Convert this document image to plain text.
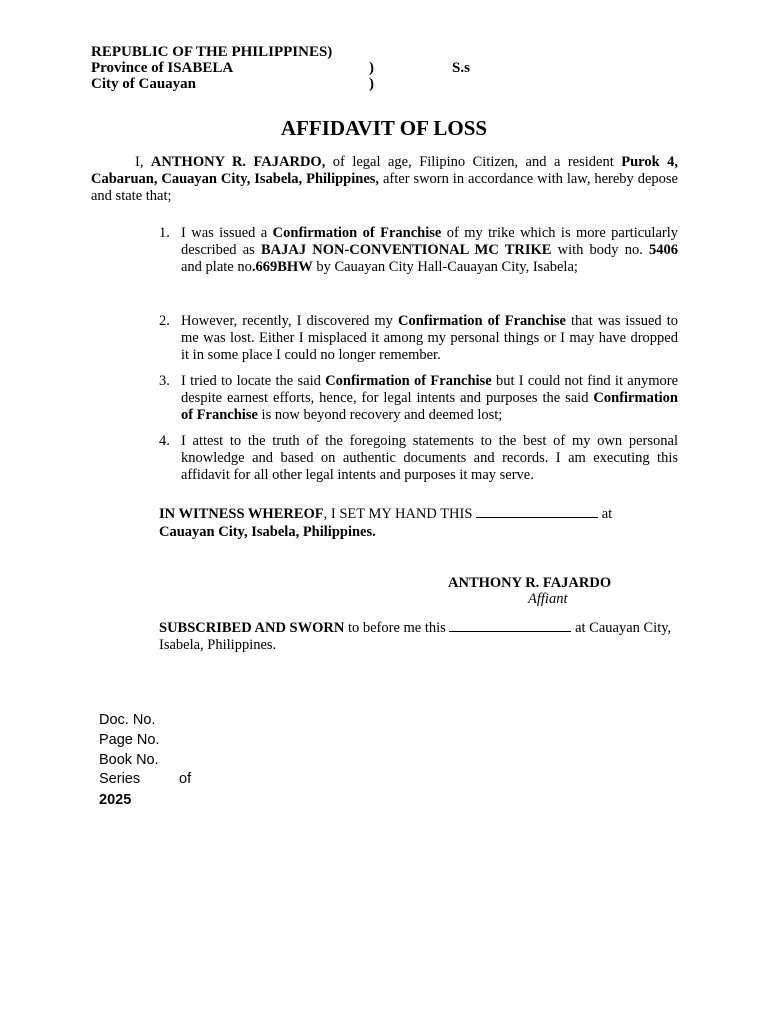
REPUBLIC OF THE PHILIPPINES)
Province of ISABELA	)	S.s
City of Cauayan	)
AFFIDAVIT OF LOSS
I, ANTHONY R. FAJARDO, of legal age, Filipino Citizen, and a resident Purok 4, Cabaruan, Cauayan City, Isabela, Philippines, after sworn in accordance with law, hereby depose and state that;
1. I was issued a Confirmation of Franchise of my trike which is more particularly described as BAJAJ NON-CONVENTIONAL MC TRIKE with body no. 5406 and plate no.669BHW by Cauayan City Hall-Cauayan City, Isabela;
2. However, recently, I discovered my Confirmation of Franchise that was issued to me was lost. Either I misplaced it among my personal things or I may have dropped it in some place I could no longer remember.
3. I tried to locate the said Confirmation of Franchise but I could not find it anymore despite earnest efforts, hence, for legal intents and purposes the said Confirmation of Franchise is now beyond recovery and deemed lost;
4. I attest to the truth of the foregoing statements to the best of my own personal knowledge and based on authentic documents and records. I am executing this affidavit for all other legal intents and purposes it may serve.
IN WITNESS WHEREOF, I SET MY HAND THIS	at
Cauayan City, Isabela, Philippines.
ANTHONY R. FAJARDO
Affiant
SUBSCRIBED AND SWORN to before me this	at Cauayan City, Isabela, Philippines.
Doc. No.
Page No.
Book No.
Series	of
2025
